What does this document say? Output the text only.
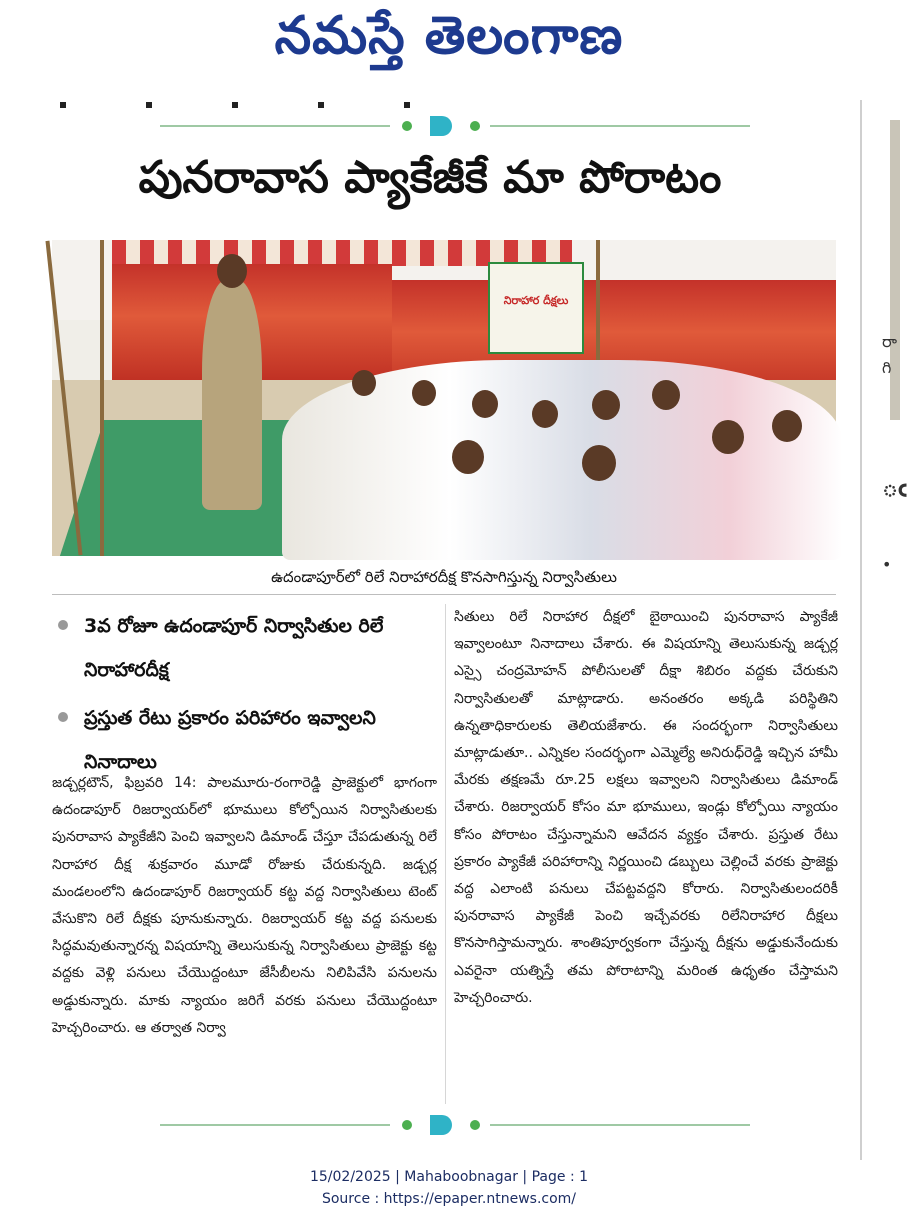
నమస్తే తెలంగాణ
రా
గి
ఁ
•
పునరావాస ప్యాకేజీకే మా పోరాటం
నిరాహార దీక్షలు
ఉదండాపూర్‌లో రిలే నిరాహారదీక్ష కొనసాగిస్తున్న నిర్వాసితులు
3వ రోజూ ఉదండాపూర్ నిర్వాసితుల రిలే నిరాహారదీక్ష
ప్రస్తుత రేటు ప్రకారం పరిహారం ఇవ్వాలని నినాదాలు
జడ్చర్లటౌన్, ఫిబ్రవరి 14: పాలమూరు-రంగారెడ్డి ప్రాజెక్టులో భాగంగా ఉదండాపూర్ రిజర్వాయర్‌లో భూములు కోల్పోయిన నిర్వాసితులకు పునరావాస ప్యాకేజీని పెంచి ఇవ్వాలని డిమాండ్ చేస్తూ చేపడుతున్న రిలే నిరాహార దీక్ష శుక్రవారం మూడో రోజుకు చేరుకున్నది. జడ్చర్ల మండలంలోని ఉదండాపూర్ రిజర్వాయర్ కట్ట వద్ద నిర్వాసితులు టెంట్ వేసుకొని రిలే దీక్షకు పూనుకున్నారు. రిజర్వాయర్ కట్ట వద్ద పనులకు సిద్ధమవుతున్నారన్న విషయాన్ని తెలుసుకున్న నిర్వాసితులు ప్రాజెక్టు కట్ట వద్దకు వెళ్లి పనులు చేయొద్దంటూ జేసీబీలను నిలిపివేసి పనులను అడ్డుకున్నారు. మాకు న్యాయం జరిగే వరకు పనులు చేయొద్దంటూ హెచ్చరించారు. ఆ తర్వాత నిర్వా
సితులు రిలే నిరాహార దీక్షలో బైఠాయించి పునరావాస ప్యాకేజీ ఇవ్వాలంటూ నినాదాలు చేశారు. ఈ విషయాన్ని తెలుసుకున్న జడ్చర్ల ఎస్సై చంద్రమోహన్ పోలీసులతో దీక్షా శిబిరం వద్దకు చేరుకుని నిర్వాసితులతో మాట్లాడారు. అనంతరం అక్కడి పరిస్థితిని ఉన్నతాధికారులకు తెలియజేశారు. ఈ సందర్భంగా నిర్వాసితులు మాట్లాడుతూ.. ఎన్నికల సందర్భంగా ఎమ్మెల్యే అనిరుధ్‌రెడ్డి ఇచ్చిన హామీ మేరకు తక్షణమే రూ.25 లక్షలు ఇవ్వాలని నిర్వాసితులు డిమాండ్ చేశారు. రిజర్వాయర్ కోసం మా భూములు, ఇండ్లు కోల్పోయి న్యాయం కోసం పోరాటం చేస్తున్నామని ఆవేదన వ్యక్తం చేశారు. ప్రస్తుత రేటు ప్రకారం ప్యాకేజీ పరిహారాన్ని నిర్ణయించి డబ్బులు చెల్లించే వరకు ప్రాజెక్టు వద్ద ఎలాంటి పనులు చేపట్టవద్దని కోరారు. నిర్వాసితులందరికీ పునరావాస ప్యాకేజీ పెంచి ఇచ్చేవరకు రిలేనిరాహార దీక్షలు కొనసాగిస్తామన్నారు. శాంతిపూర్వకంగా చేస్తున్న దీక్షను అడ్డుకునేందుకు ఎవరైనా యత్నిస్తే తమ పోరాటాన్ని మరింత ఉధృతం చేస్తామని హెచ్చరించారు.
15/02/2025 | Mahaboobnagar | Page : 1
Source : https://epaper.ntnews.com/
